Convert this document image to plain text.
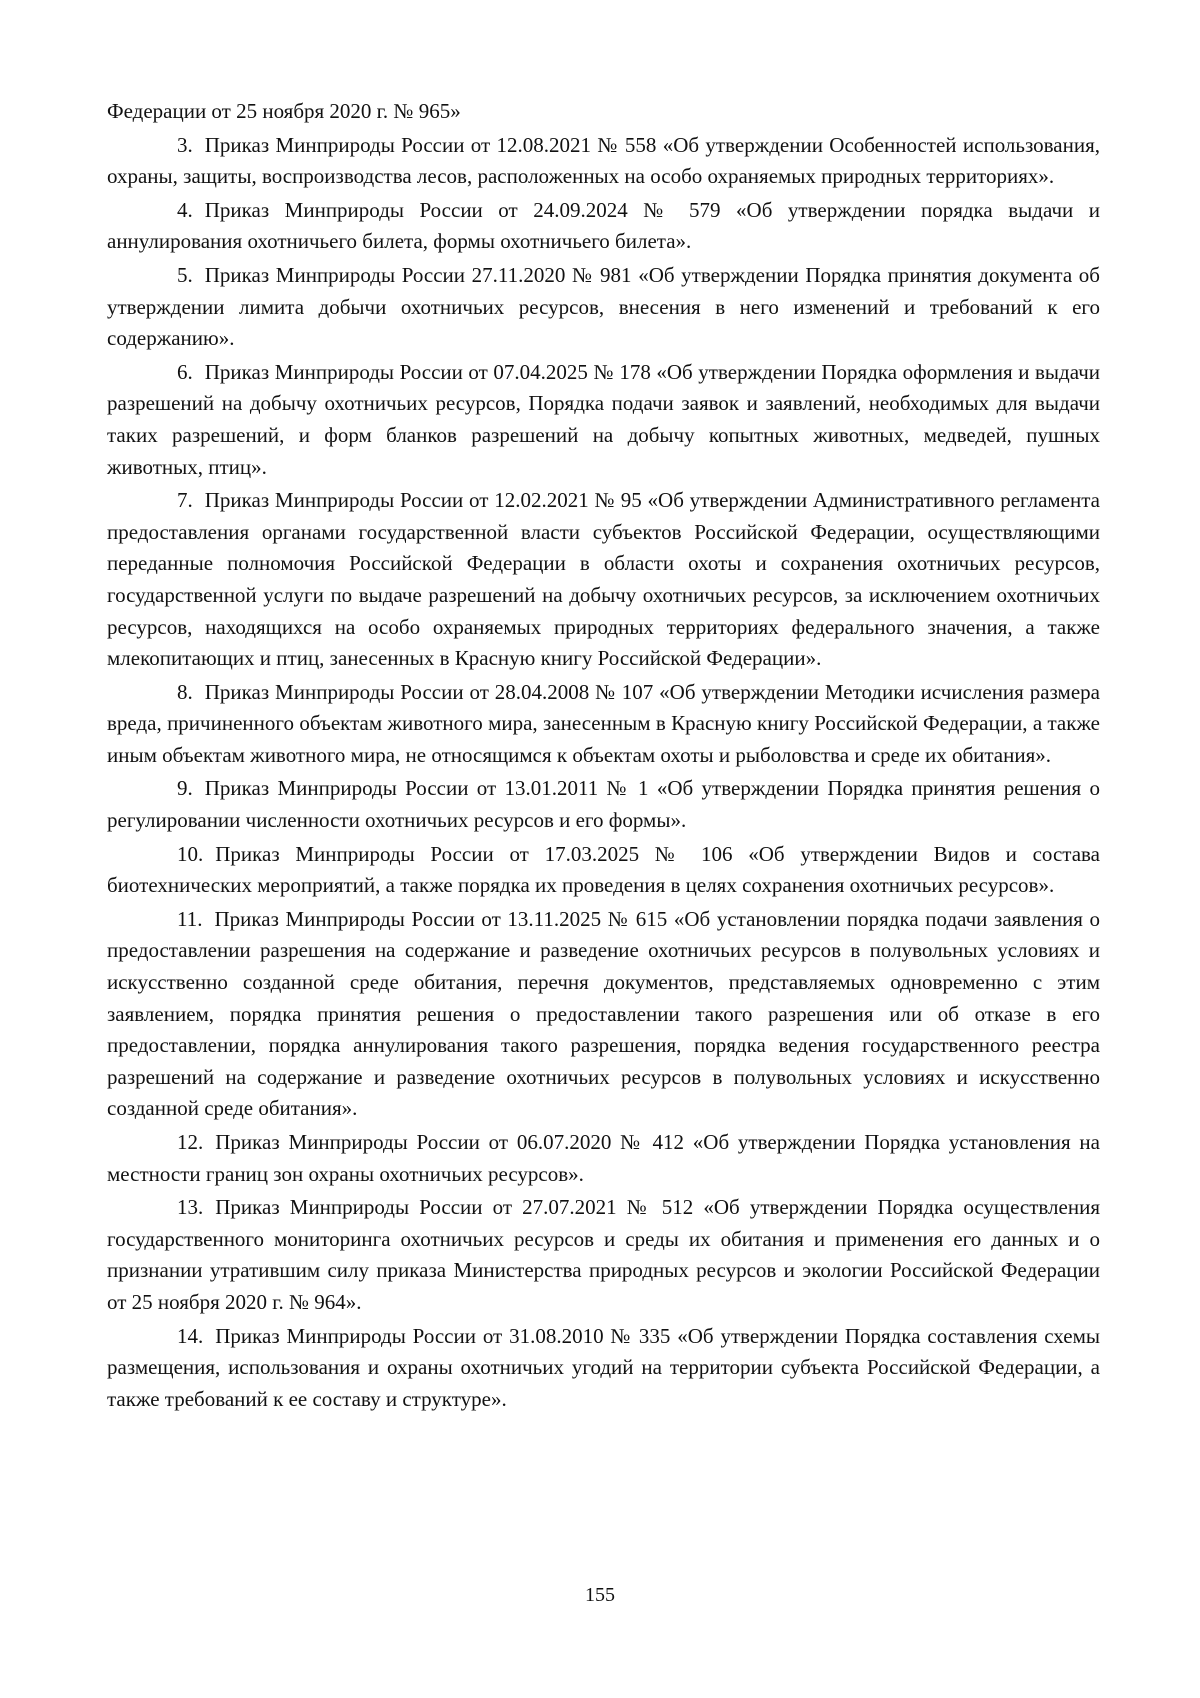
Федерации от 25 ноября 2020 г. № 965»

3. Приказ Минприроды России от 12.08.2021 № 558 «Об утверждении Особенностей использования, охраны, защиты, воспроизводства лесов, расположенных на особо охраняемых природных территориях».

4. Приказ Минприроды России от 24.09.2024 № 579 «Об утверждении порядка выдачи и аннулирования охотничьего билета, формы охотничьего билета».

5. Приказ Минприроды России 27.11.2020 № 981 «Об утверждении Порядка принятия документа об утверждении лимита добычи охотничьих ресурсов, внесения в него изменений и требований к его содержанию».

6. Приказ Минприроды России от 07.04.2025 № 178 «Об утверждении Порядка оформления и выдачи разрешений на добычу охотничьих ресурсов, Порядка подачи заявок и заявлений, необходимых для выдачи таких разрешений, и форм бланков разрешений на добычу копытных животных, медведей, пушных животных, птиц».

7. Приказ Минприроды России от 12.02.2021 № 95 «Об утверждении Административного регламента предоставления органами государственной власти субъектов Российской Федерации, осуществляющими переданные полномочия Российской Федерации в области охоты и сохранения охотничьих ресурсов, государственной услуги по выдаче разрешений на добычу охотничьих ресурсов, за исключением охотничьих ресурсов, находящихся на особо охраняемых природных территориях федерального значения, а также млекопитающих и птиц, занесенных в Красную книгу Российской Федерации».

8. Приказ Минприроды России от 28.04.2008 № 107 «Об утверждении Методики исчисления размера вреда, причиненного объектам животного мира, занесенным в Красную книгу Российской Федерации, а также иным объектам животного мира, не относящимся к объектам охоты и рыболовства и среде их обитания».

9. Приказ Минприроды России от 13.01.2011 № 1 «Об утверждении Порядка принятия решения о регулировании численности охотничьих ресурсов и его формы».

10. Приказ Минприроды России от 17.03.2025 № 106 «Об утверждении Видов и состава биотехнических мероприятий, а также порядка их проведения в целях сохранения охотничьих ресурсов».

11. Приказ Минприроды России от 13.11.2025 № 615 «Об установлении порядка подачи заявления о предоставлении разрешения на содержание и разведение охотничьих ресурсов в полувольных условиях и искусственно созданной среде обитания, перечня документов, представляемых одновременно с этим заявлением, порядка принятия решения о предоставлении такого разрешения или об отказе в его предоставлении, порядка аннулирования такого разрешения, порядка ведения государственного реестра разрешений на содержание и разведение охотничьих ресурсов в полувольных условиях и искусственно созданной среде обитания».

12. Приказ Минприроды России от 06.07.2020 № 412 «Об утверждении Порядка установления на местности границ зон охраны охотничьих ресурсов».

13. Приказ Минприроды России от 27.07.2021 № 512 «Об утверждении Порядка осуществления государственного мониторинга охотничьих ресурсов и среды их обитания и применения его данных и о признании утратившим силу приказа Министерства природных ресурсов и экологии Российской Федерации от 25 ноября 2020 г. № 964».

14. Приказ Минприроды России от 31.08.2010 № 335 «Об утверждении Порядка составления схемы размещения, использования и охраны охотничьих угодий на территории субъекта Российской Федерации, а также требований к ее составу и структуре».

155
